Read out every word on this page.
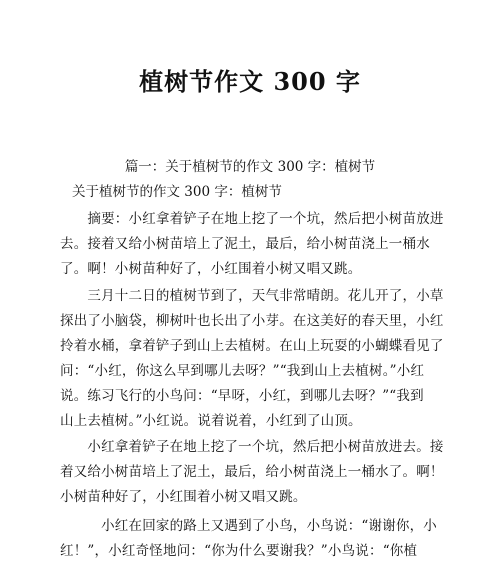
植树节作文 300 字
篇一：关于植树节的作文 300 字：植树节
关于植树节的作文 300 字：植树节

　　摘要：小红拿着铲子在地上挖了一个坑，然后把小树苗放进
去。接着又给小树苗培上了泥土，最后，给小树苗浇上一桶水
了。啊！小树苗种好了，小红围着小树又唱又跳。

　　三月十二日的植树节到了，天气非常晴朗。花儿开了，小草
探出了小脑袋，柳树叶也长出了小芽。在这美好的春天里，小红
拎着水桶，拿着铲子到山上去植树。在山上玩耍的小蝴蝶看见了
问：“小红，你这么早到哪儿去呀？”“我到山上去植树。”小红
说。练习飞行的小鸟问：“早呀，小红，到哪儿去呀？”“我到
山上去植树。”小红说。说着说着，小红到了山顶。

　　小红拿着铲子在地上挖了一个坑，然后把小树苗放进去。接
着又给小树苗培上了泥土，最后，给小树苗浇上一桶水了。啊！
小树苗种好了，小红围着小树又唱又跳。

　　　小红在回家的路上又遇到了小鸟，小鸟说：“谢谢你，小
红！”，小红奇怪地问：“你为什么要谢我？”小鸟说：“你植
